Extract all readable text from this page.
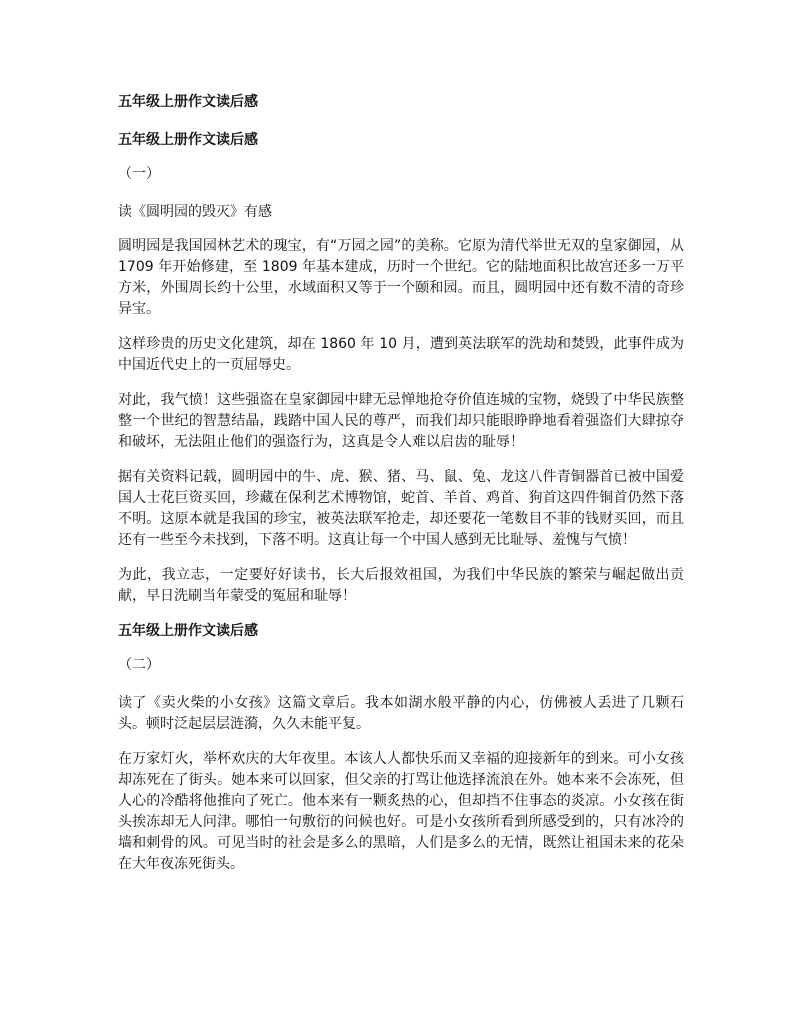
五年级上册作文读后感

五年级上册作文读后感

（一）

读《圆明园的毁灭》有感

圆明园是我国园林艺术的瑰宝，有“万园之园”的美称。它原为清代举世无双的皇家御园，从 1709 年开始修建，至 1809 年基本建成，历时一个世纪。它的陆地面积比故宫还多一万平方米，外围周长约十公里，水域面积又等于一个颐和园。而且，圆明园中还有数不清的奇珍异宝。

这样珍贵的历史文化建筑，却在 1860 年 10 月，遭到英法联军的洗劫和焚毁，此事件成为中国近代史上的一页屈辱史。

对此，我气愤！这些强盗在皇家御园中肆无忌惮地抢夺价值连城的宝物，烧毁了中华民族整整一个世纪的智慧结晶，践踏中国人民的尊严，而我们却只能眼睁睁地看着强盗们大肆掠夺和破坏，无法阻止他们的强盗行为，这真是令人难以启齿的耻辱！

据有关资料记载，圆明园中的牛、虎、猴、猪、马、鼠、兔、龙这八件青铜器首已被中国爱国人士花巨资买回，珍藏在保利艺术博物馆，蛇首、羊首、鸡首、狗首这四件铜首仍然下落不明。这原本就是我国的珍宝，被英法联军抢走，却还要花一笔数目不菲的钱财买回，而且还有一些至今未找到，下落不明。这真让每一个中国人感到无比耻辱、羞愧与气愤！

为此，我立志，一定要好好读书，长大后报效祖国，为我们中华民族的繁荣与崛起做出贡献，早日洗刷当年蒙受的冤屈和耻辱！

五年级上册作文读后感

（二）

读了《卖火柴的小女孩》这篇文章后。我本如湖水般平静的内心，仿佛被人丢进了几颗石头。顿时泛起层层涟漪，久久未能平复。

在万家灯火，举杯欢庆的大年夜里。本该人人都快乐而又幸福的迎接新年的到来。可小女孩却冻死在了街头。她本来可以回家，但父亲的打骂让他选择流浪在外。她本来不会冻死，但人心的冷酷将他推向了死亡。他本来有一颗炙热的心，但却挡不住事态的炎凉。小女孩在街头挨冻却无人问津。哪怕一句敷衍的问候也好。可是小女孩所看到所感受到的，只有冰冷的墙和刺骨的风。可见当时的社会是多么的黑暗，人们是多么的无情，既然让祖国未来的花朵在大年夜冻死街头。
